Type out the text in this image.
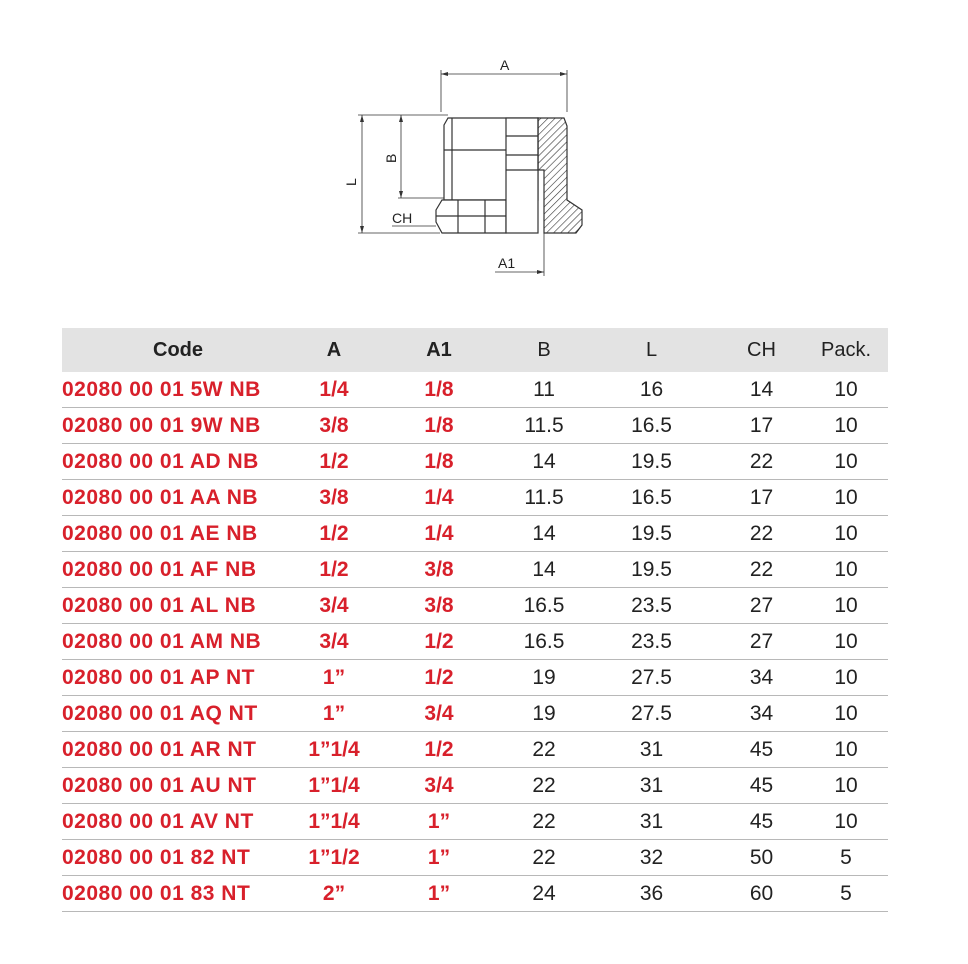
A
L
B
CH
A1
Code	A	A1	B	L	CH	Pack.
02080 00 01 5W NB	1/4	1/8	11	16	14	10
02080 00 01 9W NB	3/8	1/8	11.5	16.5	17	10
02080 00 01 AD NB	1/2	1/8	14	19.5	22	10
02080 00 01 AA NB	3/8	1/4	11.5	16.5	17	10
02080 00 01 AE NB	1/2	1/4	14	19.5	22	10
02080 00 01 AF NB	1/2	3/8	14	19.5	22	10
02080 00 01 AL NB	3/4	3/8	16.5	23.5	27	10
02080 00 01 AM NB	3/4	1/2	16.5	23.5	27	10
02080 00 01 AP NT	1”	1/2	19	27.5	34	10
02080 00 01 AQ NT	1”	3/4	19	27.5	34	10
02080 00 01 AR NT	1”1/4	1/2	22	31	45	10
02080 00 01 AU NT	1”1/4	3/4	22	31	45	10
02080 00 01 AV NT	1”1/4	1”	22	31	45	10
02080 00 01 82 NT	1”1/2	1”	22	32	50	5
02080 00 01 83 NT	2”	1”	24	36	60	5
